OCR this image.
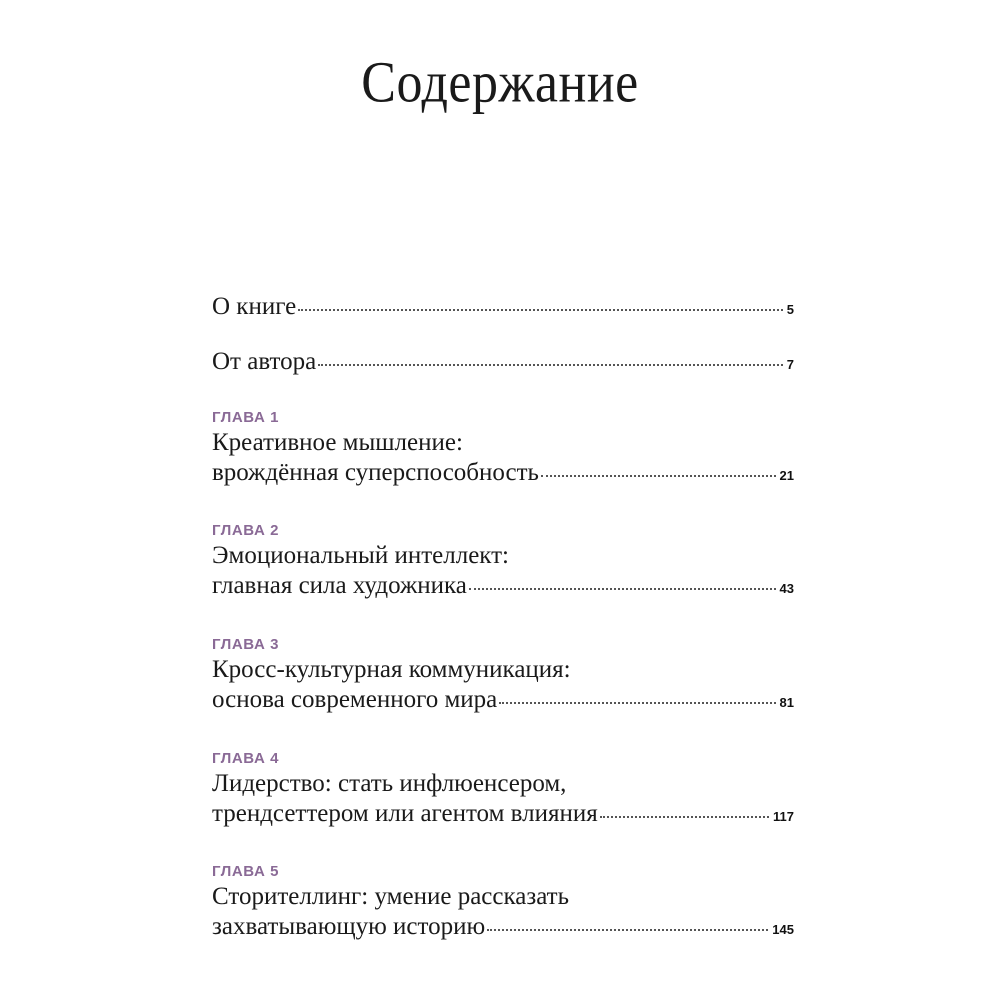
Содержание
О книге	5
От автора	7
ГЛАВА 1
Креативное мышление:
врождённая суперспособность	21
ГЛАВА 2
Эмоциональный интеллект:
главная сила художника	43
ГЛАВА 3
Кросс-культурная коммуникация:
основа современного мира	81
ГЛАВА 4
Лидерство: стать инфлюенсером,
трендсеттером или агентом влияния	117
ГЛАВА 5
Сторителлинг: умение рассказать
захватывающую историю	145
